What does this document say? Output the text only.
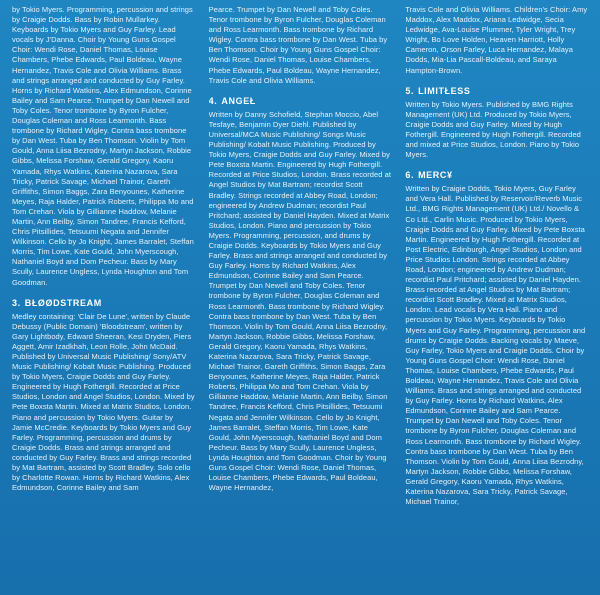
by Tokio Myers. Programming, percussion and strings by Craigie Dodds. Bass by Robin Mullarkey. Keyboards by Tokio Myers and Guy Farley. Lead vocals by J'Danna. Choir by Young Guns Gospel Choir: Wendi Rose, Daniel Thomas, Louise Chambers, Phebe Edwards, Paul Boldeau, Wayne Hernandez, Travis Cole and Olivia Williams. Brass and strings arranged and conducted by Guy Farley. Horns by Richard Watkins, Alex Edmundson, Corinne Bailey and Sam Pearce. Trumpet by Dan Newell and Toby Coles. Tenor trombone by Byron Fulcher, Douglas Coleman and Ross Learmonth. Bass trombone by Richard Wigley. Contra bass trombone by Dan West. Tuba by Ben Thomson. Violin by Tom Gould, Anna Liisa Bezrodny, Martyn Jackson, Robbie Gibbs, Melissa Forshaw, Gerald Gregory, Kaoru Yamada, Rhys Watkins, Katerina Nazarova, Sara Tricky, Patrick Savage, Michael Trainor, Gareth Griffiths, Simon Baggs, Zara Benyounes, Katherine Meyes, Raja Halder, Patrick Roberts, Philippa Mo and Tom Crehan. Viola by Gillianne Haddow, Melanie Martin, Ann Beilby, Simon Tandree, Francis Kefford, Chris Pitsillides, Tetsuumi Negata and Jennifer Wilkinson. Cello by Jo Knight, James Barralet, Steffan Morris, Tim Lowe, Kate Gould, John Myerscough, Nathaniel Boyd and Dom Pecheur. Bass by Mary Scully, Laurence Ungless, Lynda Houghton and Tom Goodman.

3. BŁØØDSTREAM

Medley containing: 'Clair De Lune', written by Claude Debussy (Public Domain) 'Bloodstream', written by Gary Lightbody, Edward Sheeran, Kesi Dryden, Piers Aggett, Amir Izadkhah, Leon Rolle, John McDaid. Published by Universal Music Publishing/ Sony/ATV Music Publishing/ Kobalt Music Publishing. Produced by Tokio Myers, Craigie Dodds and Guy Farley. Engineered by Hugh Fothergill. Recorded at Price Studios, London and Angel Studios, London. Mixed by Pete Boxsta Martin. Mixed at Matrix Studios, London. Piano and percussion by Tokio Myers. Guitar by Jamie McCredie. Keyboards by Tokio Myers and Guy Farley. Programming, percussion and drums by Craigie Dodds. Brass and strings arranged and conducted by Guy Farley. Brass and strings recorded by Mat Bartram, assisted by Scott Bradley. Solo cello by Charlotte Rowan. Horns by Richard Watkins, Alex Edmundson, Corinne Bailey and Sam

Pearce. Trumpet by Dan Newell and Toby Coles. Tenor trombone by Byron Fulcher, Douglas Coleman and Ross Learmonth. Bass trombone by Richard Wigley. Contra bass trombone by Dan West. Tuba by Ben Thomson. Choir by Young Guns Gospel Choir: Wendi Rose, Daniel Thomas, Louise Chambers, Phebe Edwards, Paul Boldeau, Wayne Hernandez, Travis Cole and Olivia Williams.

4. ANGEŁ

Written by Danny Schofield, Stephan Moccio, Abel Tesfaye, Benjamin Dyer Diehl. Published by Universal/MCA Music Publishing/ Songs Music Publishing/ Kobalt Music Publishing. Produced by Tokio Myers, Craigie Dodds and Guy Farley. Mixed by Pete Boxsta Martin. Engineered by Hugh Fothergill. Recorded at Price Studios, London. Brass recorded at Angel Studios by Mat Bartram; recordist Scott Bradley. Strings recorded at Abbey Road, London; engineered by Andrew Dudman; recordist Paul Pritchard; assisted by Daniel Hayden. Mixed at Matrix Studios, London. Piano and percussion by Tokio Myers. Programming, percussion, and drums by Craigie Dodds. Keyboards by Tokio Myers and Guy Farley. Brass and strings arranged and conducted by Guy Farley. Horns by Richard Watkins, Alex Edmundson, Corinne Bailey and Sam Pearce. Trumpet by Dan Newell and Toby Coles. Tenor trombone by Byron Fulcher, Douglas Coleman and Ross Learmonth. Bass trombone by Richard Wigley. Contra bass trombone by Dan West. Tuba by Ben Thomson. Violin by Tom Gould, Anna Liisa Bezrodny, Martyn Jackson, Robbie Gibbs, Melissa Forshaw, Gerald Gregory, Kaoru Yamada, Rhys Watkins, Katerina Nazarova, Sara Tricky, Patrick Savage, Michael Trainor, Gareth Griffiths, Simon Baggs, Zara Benyounes, Katherine Meyes, Raja Halder, Patrick Roberts, Philippa Mo and Tom Crehan. Viola by Gillianne Haddow, Melanie Martin, Ann Beilby, Simon Tandree, Francis Kefford, Chris Pitsillides, Tetsuumi Negata and Jennifer Wilkinson. Cello by Jo Knight, James Barralet, Steffan Morris, Tim Lowe, Kate Gould, John Myerscough, Nathaniel Boyd and Dom Pecheur. Bass by Mary Scully, Laurence Ungless, Lynda Houghton and Tom Goodman. Choir by Young Guns Gospel Choir: Wendi Rose, Daniel Thomas, Louise Chambers, Phebe Edwards, Paul Boldeau, Wayne Hernandez,

Travis Cole and Olivia Williams. Children's Choir: Amy Maddox, Alex Maddox, Ariana Ledwidge, Secia Ledwidge, Ava-Louise Plummer, Tyler Wright, Trey Wright, Bo Love Holden, Heaven Harriott, Holly Cameron, Orson Farley, Luca Hernandez, Malaya Dodds, Mia-Lia Pascall-Boldeau, and Saraya Hampton-Brown.

5. LIMITŁESS

Written by Tokio Myers. Published by BMG Rights Management (UK) Ltd. Produced by Tokio Myers, Craigie Dodds and Guy Farley. Mixed by Hugh Fothergill. Engineered by Hugh Fothergill. Recorded and mixed at Price Studios, London. Piano by Tokio Myers.

6. MERC¥

Written by Craigie Dodds, Tokio Myers, Guy Farley and Vera Hall. Published by Reservoir/Reverb Music Ltd., BMG Rights Management (UK) Ltd./ Novello & Co Ltd., Carlin Music. Produced by Tokio Myers, Craigie Dodds and Guy Farley. Mixed by Pete Boxsta Martin. Engineered by Hugh Fothergill. Recorded at Post Electric, Edinburgh, Angel Studios, London and Price Studios London. Strings recorded at Abbey Road, London; engineered by Andrew Dudman; recordist Paul Pritchard; assisted by Daniel Hayden. Brass recorded at Angel Studios by Mat Bartram; recordist Scott Bradley. Mixed at Matrix Studios, London. Lead vocals by Vera Hall. Piano and percussion by Tokio Myers. Keyboards by Tokio Myers and Guy Farley. Programming, percussion and drums by Craigie Dodds. Backing vocals by Maeve, Guy Farley, Tokio Myers and Craigie Dodds. Choir by Young Guns Gospel Choir: Wendi Rose, Daniel Thomas, Louise Chambers, Phebe Edwards, Paul Boldeau, Wayne Hernandez, Travis Cole and Olivia Williams. Brass and strings arranged and conducted by Guy Farley. Horns by Richard Watkins, Alex Edmundson, Corinne Bailey and Sam Pearce. Trumpet by Dan Newell and Toby Coles. Tenor trombone by Byron Fulcher, Douglas Coleman and Ross Learmonth. Bass trombone by Richard Wigley. Contra bass trombone by Dan West. Tuba by Ben Thomson. Violin by Tom Gould, Anna Liisa Bezrodny, Martyn Jackson, Robbie Gibbs, Melissa Forshaw, Gerald Gregory, Kaoru Yamada, Rhys Watkins, Katerina Nazarova, Sara Tricky, Patrick Savage, Michael Trainor,
